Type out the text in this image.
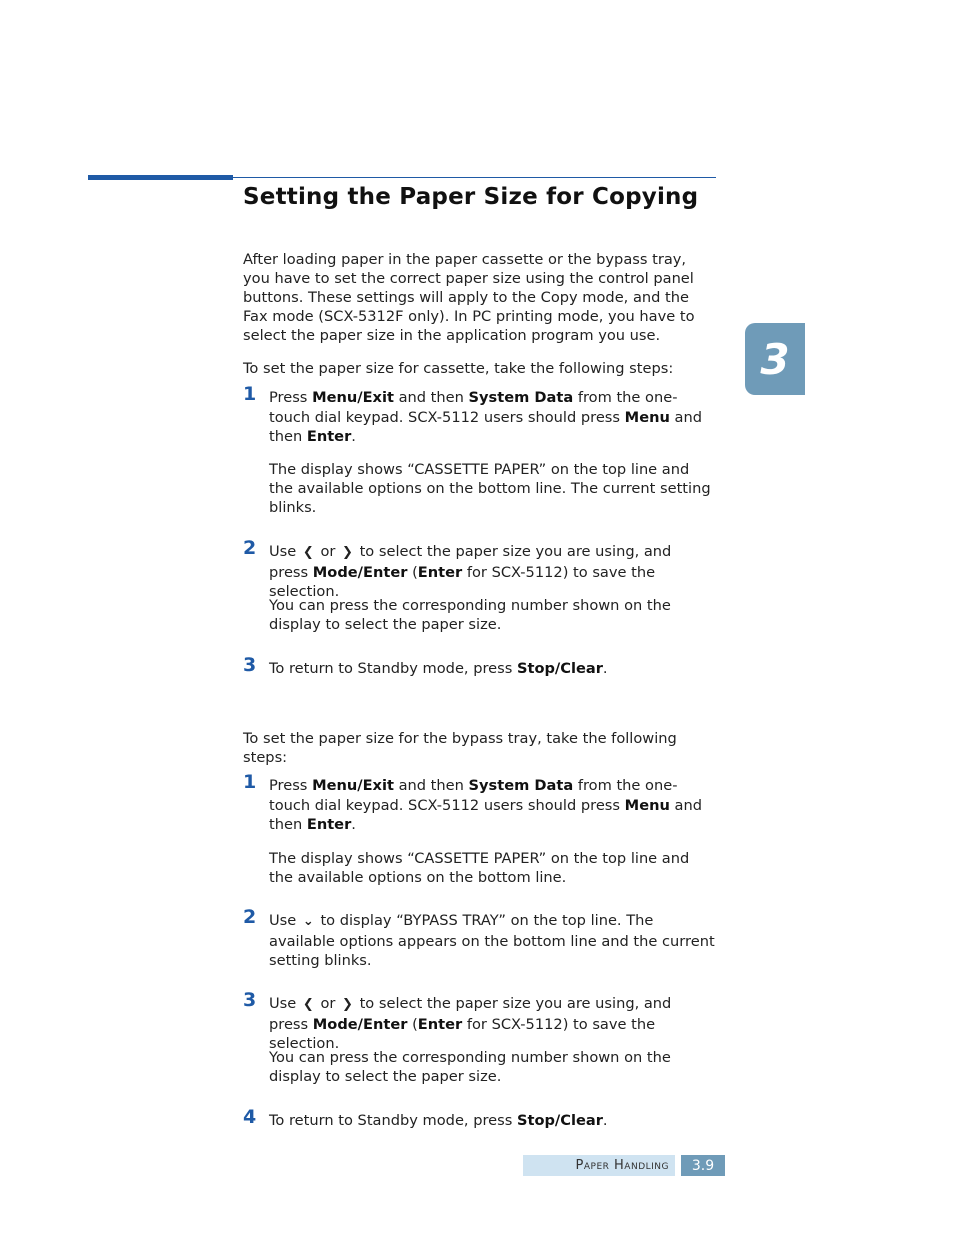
Setting the Paper Size for Copying
3

After loading paper in the paper cassette or the bypass tray, you have to set the correct paper size using the control panel buttons. These settings will apply to the Copy mode, and the Fax mode (SCX-5312F only). In PC printing mode, you have to select the paper size in the application program you use.

To set the paper size for cassette, take the following steps:

1 Press Menu/Exit and then System Data from the one-touch dial keypad. SCX-5112 users should press Menu and then Enter.
The display shows “CASSETTE PAPER” on the top line and the available options on the bottom line. The current setting blinks.
2 Use ❮ or ❯ to select the paper size you are using, and press Mode/Enter (Enter for SCX-5112) to save the selection.
You can press the corresponding number shown on the display to select the paper size.
3 To return to Standby mode, press Stop/Clear.

To set the paper size for the bypass tray, take the following steps:

1 Press Menu/Exit and then System Data from the one-touch dial keypad. SCX-5112 users should press Menu and then Enter.
The display shows “CASSETTE PAPER” on the top line and the available options on the bottom line.
2 Use ⌄ to display “BYPASS TRAY” on the top line. The available options appears on the bottom line and the current setting blinks.
3 Use ❮ or ❯ to select the paper size you are using, and press Mode/Enter (Enter for SCX-5112) to save the selection.
You can press the corresponding number shown on the display to select the paper size.
4 To return to Standby mode, press Stop/Clear.
Paper Handling	3.9
